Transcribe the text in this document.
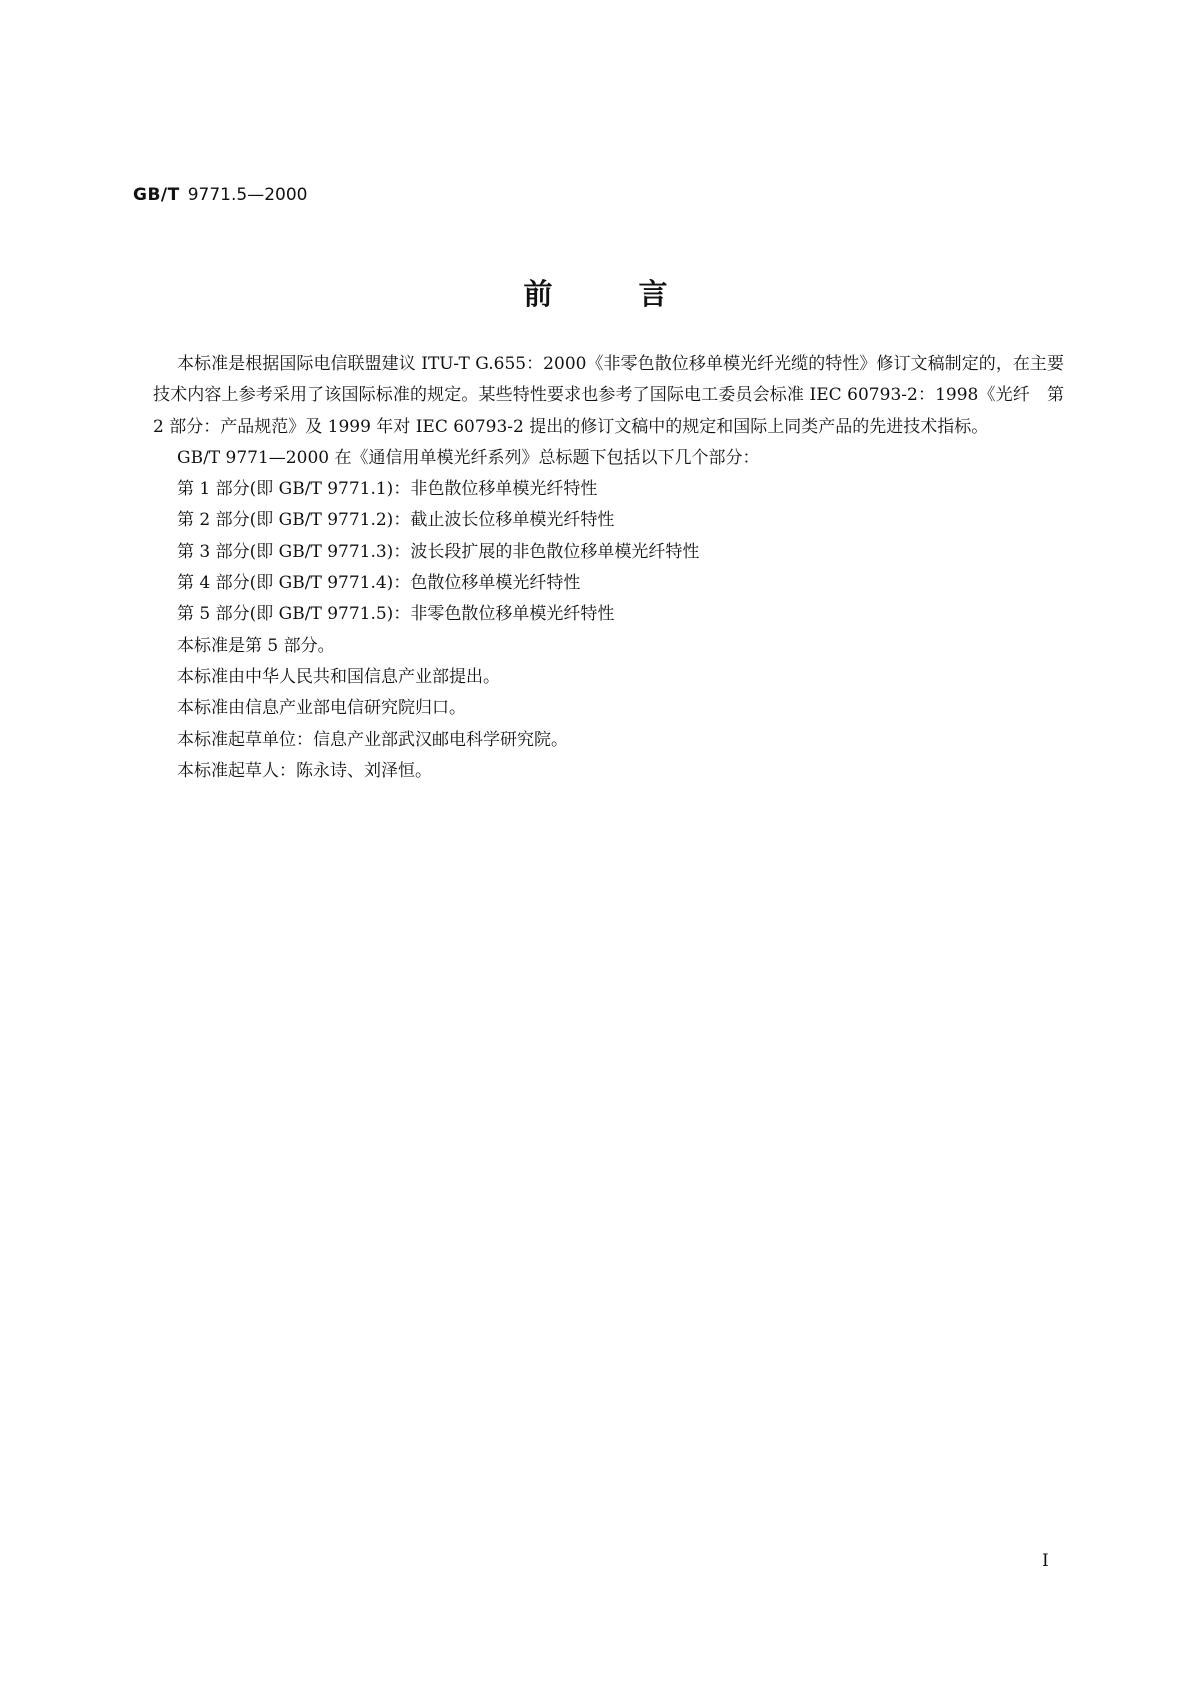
GB/T 9771.5—2000
前言

本标准是根据国际电信联盟建议 ITU-T G.655：2000《非零色散位移单模光纤光缆的特性》修订文稿制定的，在主要技术内容上参考采用了该国际标准的规定。某些特性要求也参考了国际电工委员会标准 IEC 60793-2：1998《光纤　第 2 部分：产品规范》及 1999 年对 IEC 60793-2 提出的修订文稿中的规定和国际上同类产品的先进技术指标。

GB/T 9771—2000 在《通信用单模光纤系列》总标题下包括以下几个部分：

第 1 部分(即 GB/T 9771.1)：非色散位移单模光纤特性

第 2 部分(即 GB/T 9771.2)：截止波长位移单模光纤特性

第 3 部分(即 GB/T 9771.3)：波长段扩展的非色散位移单模光纤特性

第 4 部分(即 GB/T 9771.4)：色散位移单模光纤特性

第 5 部分(即 GB/T 9771.5)：非零色散位移单模光纤特性

本标准是第 5 部分。

本标准由中华人民共和国信息产业部提出。

本标准由信息产业部电信研究院归口。

本标准起草单位：信息产业部武汉邮电科学研究院。

本标准起草人：陈永诗、刘泽恒。

I
